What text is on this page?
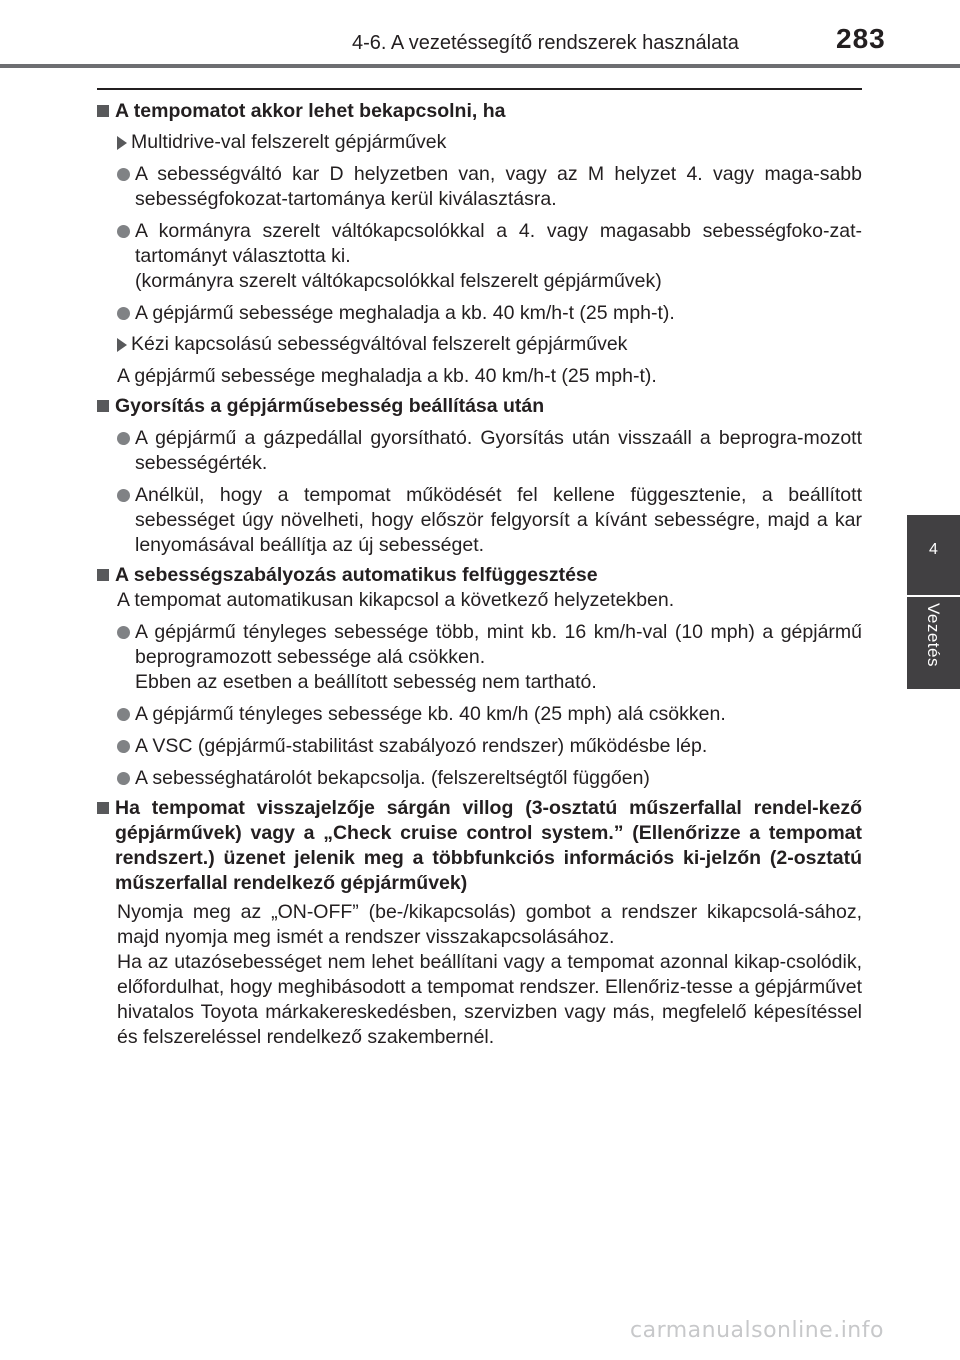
4-6. A vezetéssegítő rendszerek használata	283
4
Vezetés

A tempomatot akkor lehet bekapcsolni, ha

Multidrive-val felszerelt gépjárművek

A sebességváltó kar D helyzetben van, vagy az M helyzet 4. vagy maga-sabb sebességfokozat-tartománya kerül kiválasztásra.

A kormányra szerelt váltókapcsolókkal a 4. vagy magasabb sebességfoko-zat-tartományt választotta ki.
(kormányra szerelt váltókapcsolókkal felszerelt gépjárművek)

A gépjármű sebessége meghaladja a kb. 40 km/h-t (25 mph-t).

Kézi kapcsolású sebességváltóval felszerelt gépjárművek

A gépjármű sebessége meghaladja a kb. 40 km/h-t (25 mph-t).

Gyorsítás a gépjárműsebesség beállítása után

A gépjármű a gázpedállal gyorsítható. Gyorsítás után visszaáll a beprogra-mozott sebességérték.

Anélkül, hogy a tempomat működését fel kellene függesztenie, a beállított sebességet úgy növelheti, hogy először felgyorsít a kívánt sebességre, majd a kar lenyomásával beállítja az új sebességet.

A sebességszabályozás automatikus felfüggesztése

A tempomat automatikusan kikapcsol a következő helyzetekben.

A gépjármű tényleges sebessége több, mint kb. 16 km/h-val (10 mph) a gépjármű beprogramozott sebessége alá csökken.
Ebben az esetben a beállított sebesség nem tartható.

A gépjármű tényleges sebessége kb. 40 km/h (25 mph) alá csökken.

A VSC (gépjármű-stabilitást szabályozó rendszer) működésbe lép.

A sebességhatárolót bekapcsolja. (felszereltségtől függően)

Ha tempomat visszajelzője sárgán villog (3-osztatú műszerfallal rendel-kező gépjárművek) vagy a „Check cruise control system.” (Ellenőrizze a tempomat rendszert.) üzenet jelenik meg a többfunkciós információs ki-jelzőn (2-osztatú műszerfallal rendelkező gépjárművek)

Nyomja meg az „ON-OFF” (be-/kikapcsolás) gombot a rendszer kikapcsolá-sához, majd nyomja meg ismét a rendszer visszakapcsolásához.

Ha az utazósebességet nem lehet beállítani vagy a tempomat azonnal kikap-csolódik, előfordulhat, hogy meghibásodott a tempomat rendszer. Ellenőriz-tesse a gépjárművet hivatalos Toyota márkakereskedésben, szervizben vagy más, megfelelő képesítéssel és felszereléssel rendelkező szakembernél.

carmanualsonline.info
